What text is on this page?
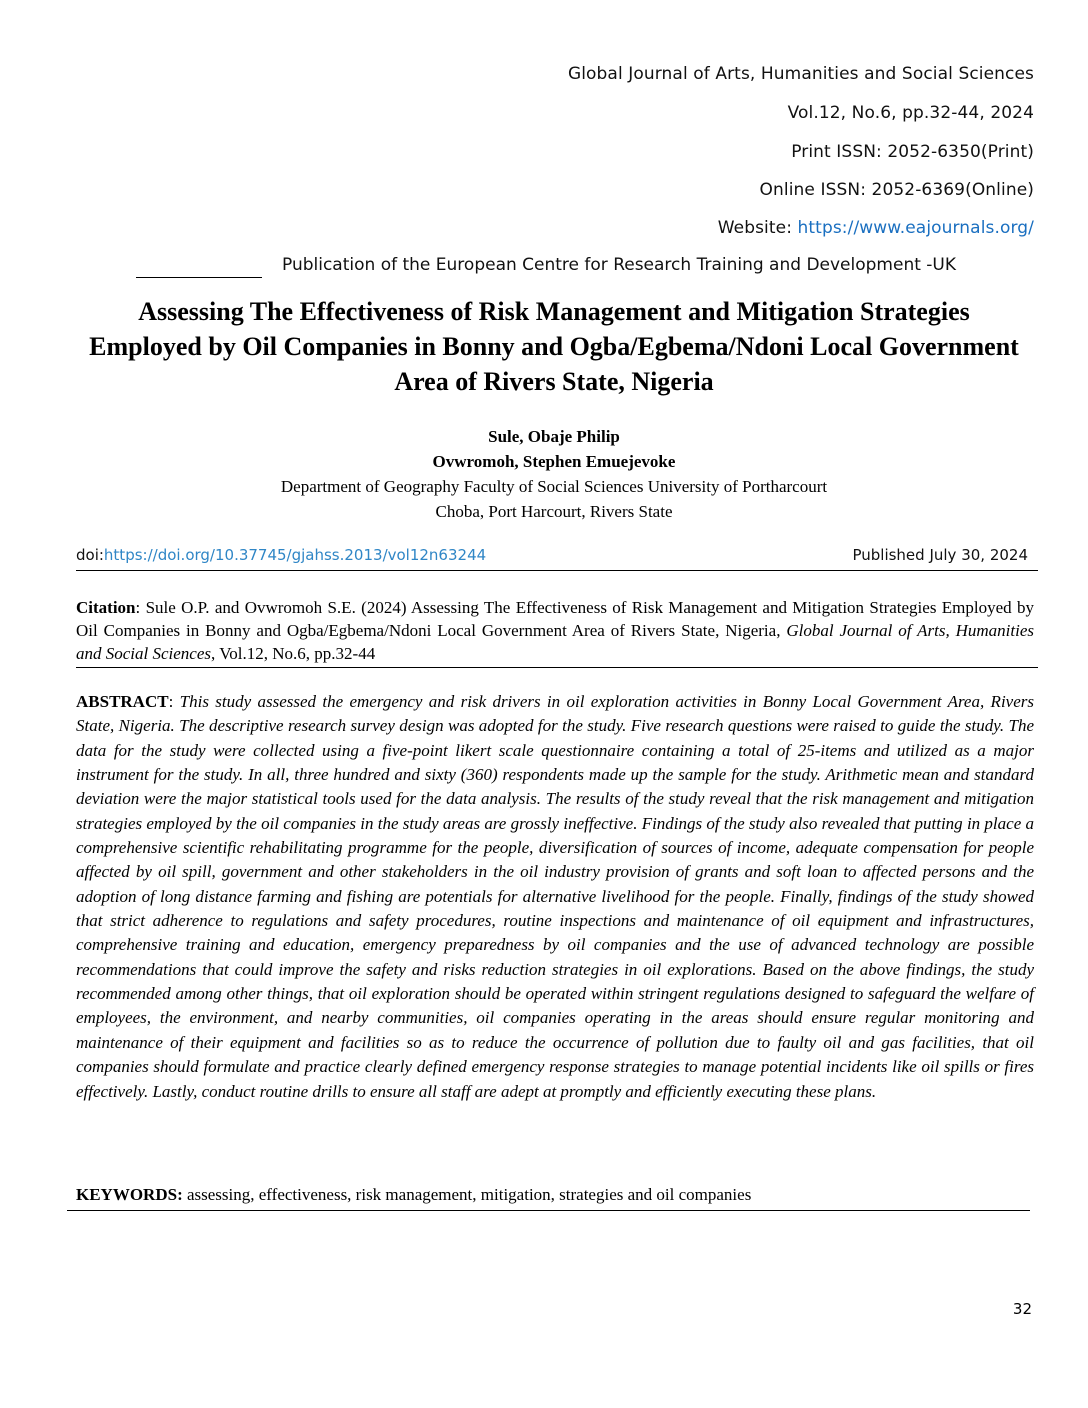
Global Journal of Arts, Humanities and Social Sciences
Vol.12, No.6, pp.32-44, 2024
Print ISSN: 2052-6350(Print)
Online ISSN: 2052-6369(Online)
Website: https://www.eajournals.org/
Publication of the European Centre for Research Training and Development -UK
Assessing The Effectiveness of Risk Management and Mitigation Strategies Employed by Oil Companies in Bonny and Ogba/Egbema/Ndoni Local Government Area of Rivers State, Nigeria
Sule, Obaje Philip
Ovwromoh, Stephen Emuejevoke
Department of Geography Faculty of Social Sciences University of Portharcourt
Choba, Port Harcourt, Rivers State
doi:https://doi.org/10.37745/gjahss.2013/vol12n63244	Published July 30, 2024
Citation: Sule O.P. and Ovwromoh S.E. (2024) Assessing The Effectiveness of Risk Management and Mitigation Strategies Employed by Oil Companies in Bonny and Ogba/Egbema/Ndoni Local Government Area of Rivers State, Nigeria, Global Journal of Arts, Humanities and Social Sciences, Vol.12, No.6, pp.32-44
ABSTRACT: This study assessed the emergency and risk drivers in oil exploration activities in Bonny Local Government Area, Rivers State, Nigeria. The descriptive research survey design was adopted for the study. Five research questions were raised to guide the study. The data for the study were collected using a five-point likert scale questionnaire containing a total of 25-items and utilized as a major instrument for the study. In all, three hundred and sixty (360) respondents made up the sample for the study. Arithmetic mean and standard deviation were the major statistical tools used for the data analysis. The results of the study reveal that the risk management and mitigation strategies employed by the oil companies in the study areas are grossly ineffective. Findings of the study also revealed that putting in place a comprehensive scientific rehabilitating programme for the people, diversification of sources of income, adequate compensation for people affected by oil spill, government and other stakeholders in the oil industry provision of grants and soft loan to affected persons and the adoption of long distance farming and fishing are potentials for alternative livelihood for the people. Finally, findings of the study showed that strict adherence to regulations and safety procedures, routine inspections and maintenance of oil equipment and infrastructures, comprehensive training and education, emergency preparedness by oil companies and the use of advanced technology are possible recommendations that could improve the safety and risks reduction strategies in oil explorations. Based on the above findings, the study recommended among other things, that oil exploration should be operated within stringent regulations designed to safeguard the welfare of employees, the environment, and nearby communities, oil companies operating in the areas should ensure regular monitoring and maintenance of their equipment and facilities so as to reduce the occurrence of pollution due to faulty oil and gas facilities, that oil companies should formulate and practice clearly defined emergency response strategies to manage potential incidents like oil spills or fires effectively. Lastly, conduct routine drills to ensure all staff are adept at promptly and efficiently executing these plans.
KEYWORDS: assessing, effectiveness, risk management, mitigation, strategies and oil companies
32
